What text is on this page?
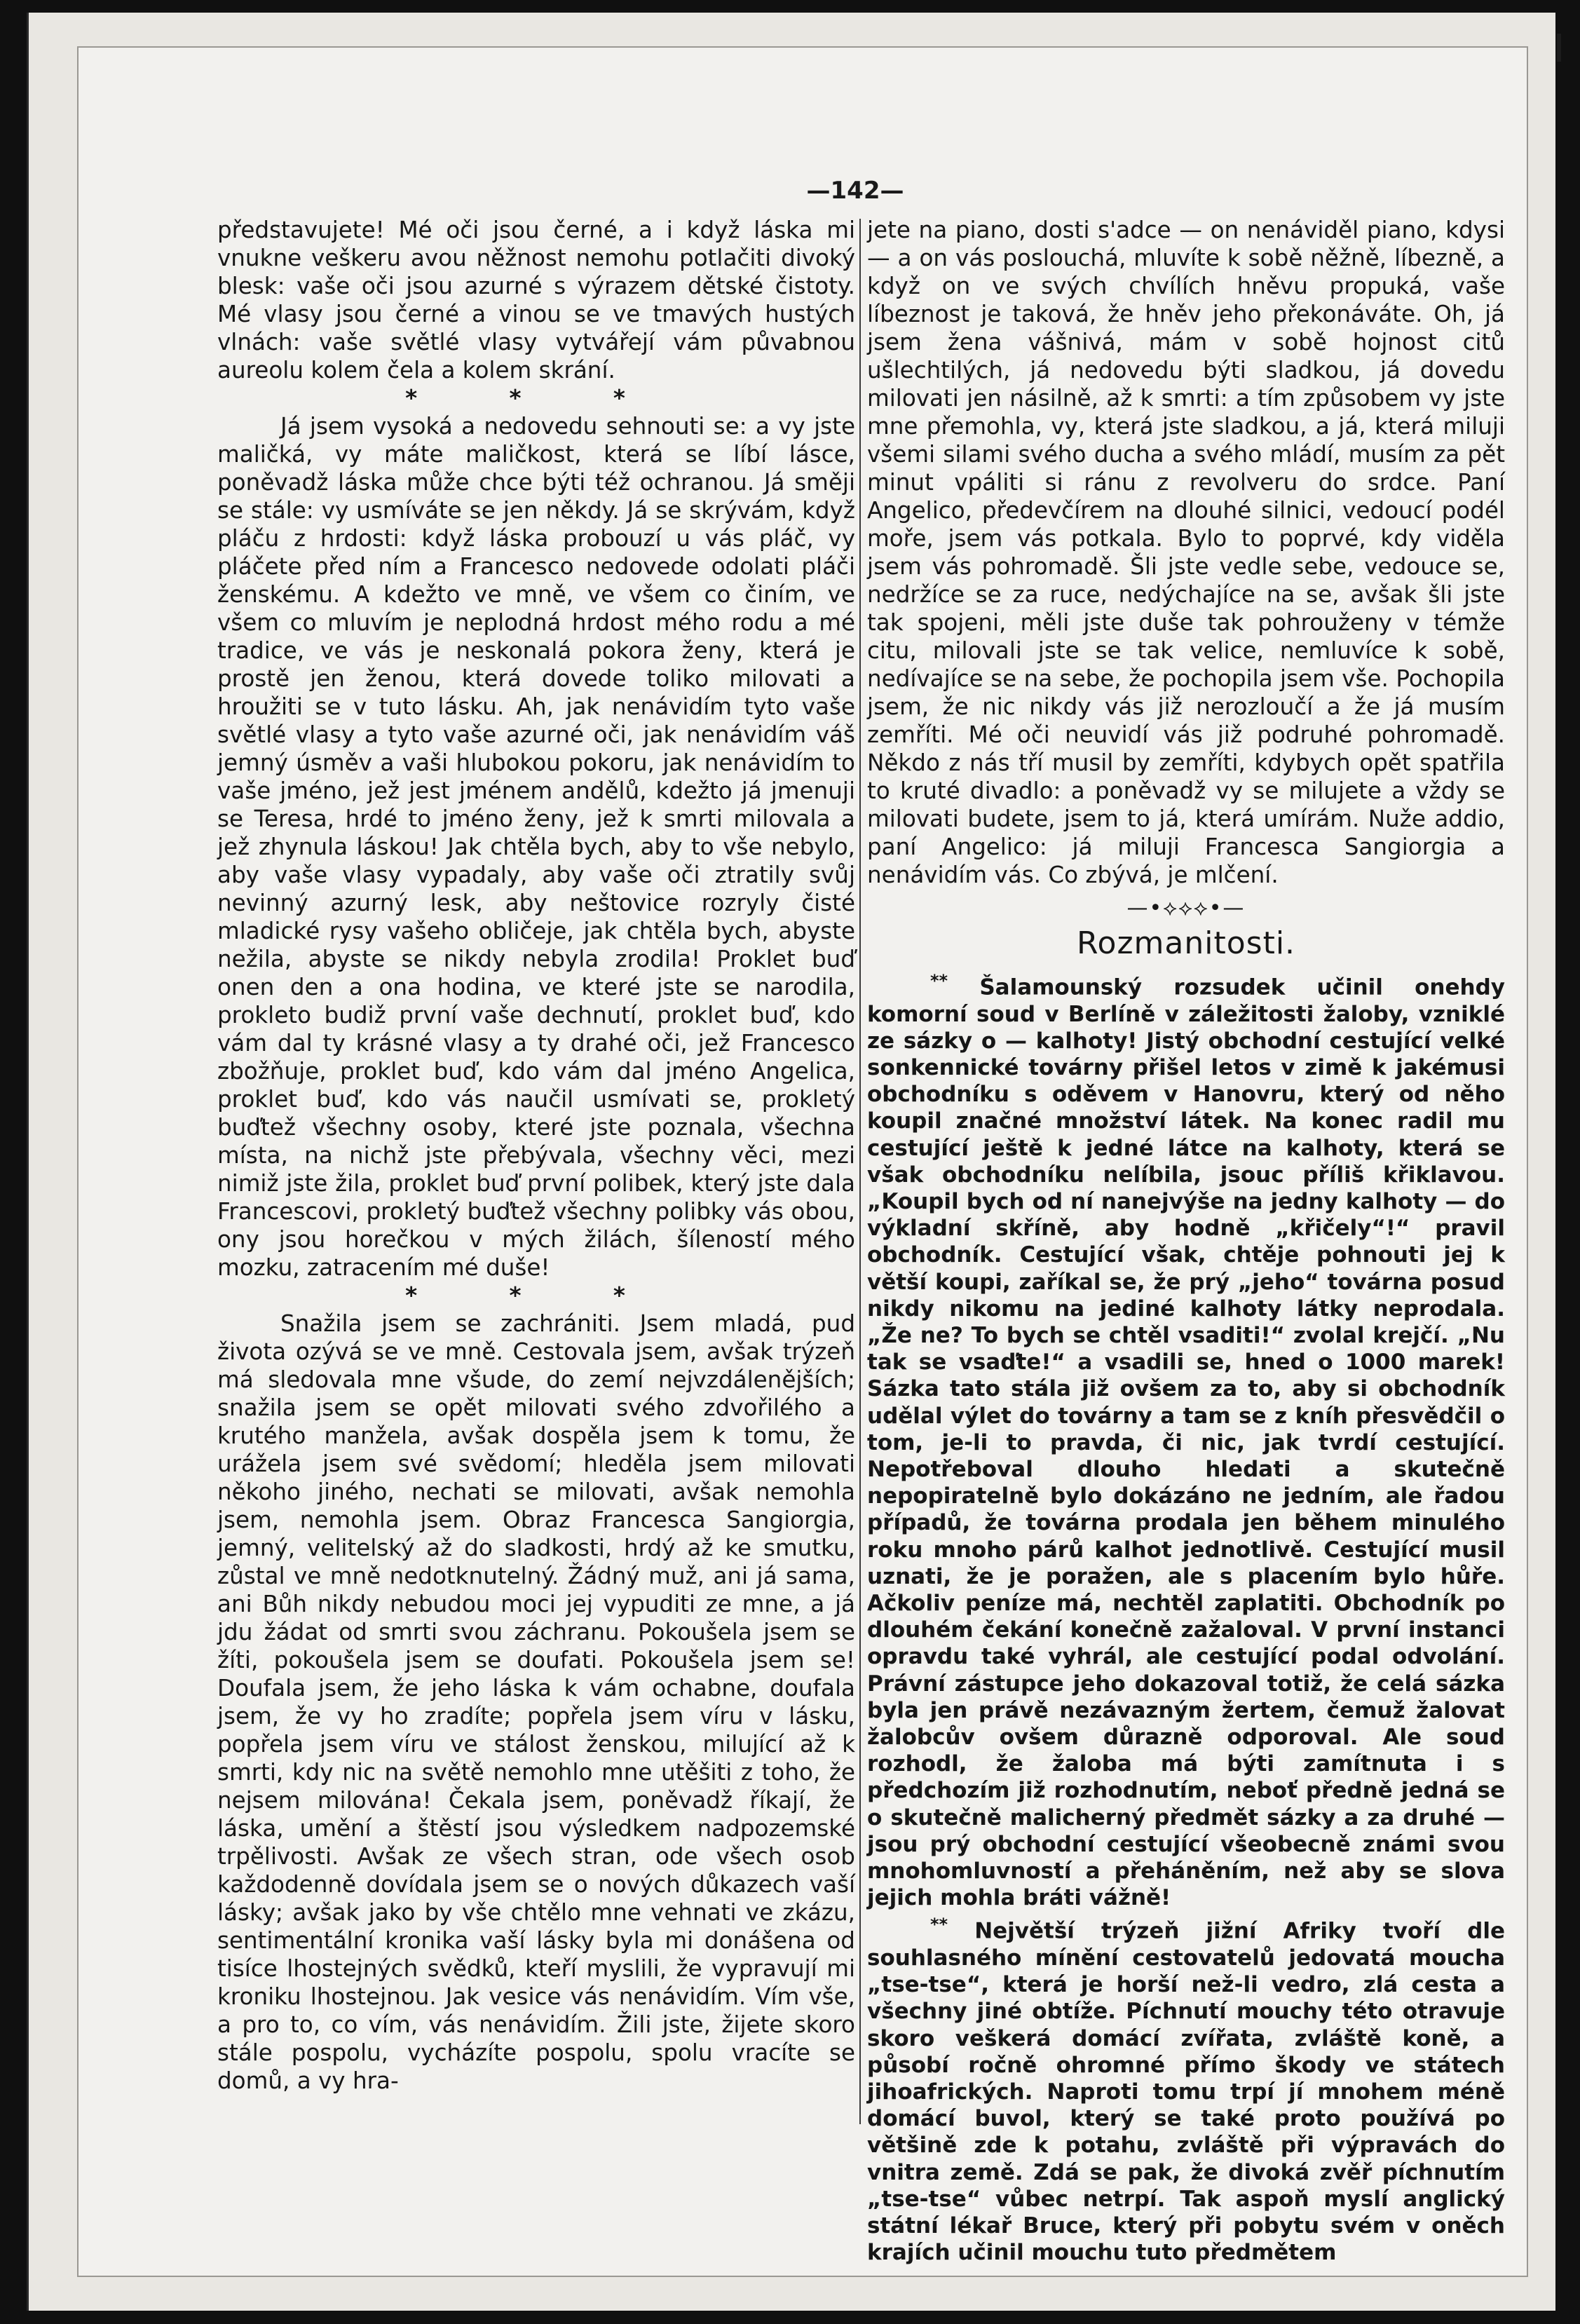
—142—

představujete! Mé oči jsou černé, a i když láska mi vnukne veškeru avou něžnost nemohu potlačiti divoký blesk: vaše oči jsou azurné s výrazem dětské čistoty. Mé vlasy jsou černé a vinou se ve tmavých hustých vlnách: vaše světlé vlasy vytvářejí vám půvabnou aureolu kolem čela a kolem skrání.

* * *

Já jsem vysoká a nedovedu sehnouti se: a vy jste maličká, vy máte maličkost, která se líbí lásce, poněvadž láska může chce býti též ochranou. Já směji se stále: vy usmíváte se jen někdy. Já se skrývám, když pláču z hrdosti: když láska probouzí u vás pláč, vy pláčete před ním a Francesco nedovede odolati pláči ženskému. A kdežto ve mně, ve všem co činím, ve všem co mluvím je neplodná hrdost mého rodu a mé tradice, ve vás je neskonalá pokora ženy, která je prostě jen ženou, která dovede toliko milovati a hroužiti se v tuto lásku. Ah, jak nenávidím tyto vaše světlé vlasy a tyto vaše azurné oči, jak nenávidím váš jemný úsměv a vaši hlubokou pokoru, jak nenávidím to vaše jméno, jež jest jménem andělů, kdežto já jmenuji se Teresa, hrdé to jméno ženy, jež k smrti milovala a jež zhynula láskou! Jak chtěla bych, aby to vše nebylo, aby vaše vlasy vypadaly, aby vaše oči ztratily svůj nevinný azurný lesk, aby neštovice rozryly čisté mladické rysy vašeho obličeje, jak chtěla bych, abyste nežila, abyste se nikdy nebyla zrodila! Proklet buď onen den a ona hodina, ve které jste se narodila, prokleto budiž první vaše dechnutí, proklet buď, kdo vám dal ty krásné vlasy a ty drahé oči, jež Francesco zbožňuje, proklet buď, kdo vám dal jméno Angelica, proklet buď, kdo vás naučil usmívati se, prokletý buďtež všechny osoby, které jste poznala, všechna místa, na nichž jste přebývala, všechny věci, mezi nimiž jste žila, proklet buď první polibek, který jste dala Francescovi, prokletý buďtež všechny polibky vás obou, ony jsou horečkou v mých žilách, šíleností mého mozku, zatracením mé duše!

* * *

Snažila jsem se zachrániti. Jsem mladá, pud života ozývá se ve mně. Cestovala jsem, avšak trýzeň má sledovala mne všude, do zemí nejvzdálenějších; snažila jsem se opět milovati svého zdvořilého a krutého manžela, avšak dospěla jsem k tomu, že urážela jsem své svědomí; hleděla jsem milovati někoho jiného, nechati se milovati, avšak nemohla jsem, nemohla jsem. Obraz Francesca Sangiorgia, jemný, velitelský až do sladkosti, hrdý až ke smutku, zůstal ve mně nedotknutelný. Žádný muž, ani já sama, ani Bůh nikdy nebudou moci jej vypuditi ze mne, a já jdu žádat od smrti svou záchranu. Pokoušela jsem se žíti, pokoušela jsem se doufati. Pokoušela jsem se! Doufala jsem, že jeho láska k vám ochabne, doufala jsem, že vy ho zradíte; popřela jsem víru v lásku, popřela jsem víru ve stálost ženskou, milující až k smrti, kdy nic na světě nemohlo mne utěšiti z toho, že nejsem milována! Čekala jsem, poněvadž říkají, že láska, umění a štěstí jsou výsledkem nadpozemské trpělivosti. Avšak ze všech stran, ode všech osob každodenně dovídala jsem se o nových důkazech vaší lásky; avšak jako by vše chtělo mne vehnati ve zkázu, sentimentální kronika vaší lásky byla mi donášena od tisíce lhostejných svědků, kteří myslili, že vypravují mi kroniku lhostejnou. Jak vesice vás nenávidím. Vím vše, a pro to, co vím, vás nenávidím. Žili jste, žijete skoro stále pospolu, vycházíte pospolu, spolu vracíte se domů, a vy hra-

jete na piano, dosti s'adce — on nenáviděl piano, kdysi — a on vás poslouchá, mluvíte k sobě něžně, líbezně, a když on ve svých chvílích hněvu propuká, vaše líbeznost je taková, že hněv jeho překonáváte. Oh, já jsem žena vášnivá, mám v sobě hojnost citů ušlechtilých, já nedovedu býti sladkou, já dovedu milovati jen násilně, až k smrti: a tím způsobem vy jste mne přemohla, vy, která jste sladkou, a já, která miluji všemi silami svého ducha a svého mládí, musím za pět minut vpáliti si ránu z revolveru do srdce. Paní Angelico, předevčírem na dlouhé silnici, vedoucí podél moře, jsem vás potkala. Bylo to poprvé, kdy viděla jsem vás pohromadě. Šli jste vedle sebe, vedouce se, nedržíce se za ruce, nedýchajíce na se, avšak šli jste tak spojeni, měli jste duše tak pohrouženy v témže citu, milovali jste se tak velice, nemluvíce k sobě, nedívajíce se na sebe, že pochopila jsem vše. Pochopila jsem, že nic nikdy vás již nerozloučí a že já musím zemříti. Mé oči neuvidí vás již podruhé pohromadě. Někdo z nás tří musil by zemříti, kdybych opět spatřila to kruté divadlo: a poněvadž vy se milujete a vždy se milovati budete, jsem to já, která umírám. Nuže addio, paní Angelico: já miluji Francesca Sangiorgia a nenávidím vás. Co zbývá, je mlčení.

—•⟡⟡⟡•—
Rozmanitosti.

** Šalamounský rozsudek učinil onehdy komorní soud v Berlíně v záležitosti žaloby, vzniklé ze sázky o — kalhoty! Jistý obchodní cestující velké sonkennické továrny přišel letos v zimě k jakémusi obchodníku s oděvem v Hanovru, který od něho koupil značné množství látek. Na konec radil mu cestující ještě k jedné látce na kalhoty, která se však obchodníku nelíbila, jsouc příliš křiklavou. „Koupil bych od ní nanejvýše na jedny kalhoty — do výkladní skříně, aby hodně „křičely“!“ pravil obchodník. Cestující však, chtěje pohnouti jej k větší koupi, zaříkal se, že prý „jeho“ továrna posud nikdy nikomu na jediné kalhoty látky neprodala. „Že ne? To bych se chtěl vsaditi!“ zvolal krejčí. „Nu tak se vsaďte!“ a vsadili se, hned o 1000 marek! Sázka tato stála již ovšem za to, aby si obchodník udělal výlet do továrny a tam se z kníh přesvědčil o tom, je-li to pravda, či nic, jak tvrdí cestující. Nepotřeboval dlouho hledati a skutečně nepopiratelně bylo dokázáno ne jedním, ale řadou případů, že továrna prodala jen během minulého roku mnoho párů kalhot jednotlivě. Cestující musil uznati, že je poražen, ale s placením bylo hůře. Ačkoliv peníze má, nechtěl zaplatiti. Obchodník po dlouhém čekání konečně zažaloval. V první instanci opravdu také vyhrál, ale cestující podal odvolání. Právní zástupce jeho dokazoval totiž, že celá sázka byla jen právě nezávazným žertem, čemuž žalovat žalobcův ovšem důrazně odporoval. Ale soud rozhodl, že žaloba má býti zamítnuta i s předchozím již rozhodnutím, neboť předně jedná se o skutečně malicherný předmět sázky a za druhé — jsou prý obchodní cestující všeobecně známi svou mnohomluvností a přeháněním, než aby se slova jejich mohla bráti vážně!

** Největší trýzeň jižní Afriky tvoří dle souhlasného mínění cestovatelů jedovatá moucha „tse-tse“, která je horší než-li vedro, zlá cesta a všechny jiné obtíže. Píchnutí mouchy této otravuje skoro veškerá domácí zvířata, zvláště koně, a působí ročně ohromné přímo škody ve státech jihoafrických. Naproti tomu trpí jí mnohem méně domácí buvol, který se také proto používá po většině zde k potahu, zvláště při výpravách do vnitra země. Zdá se pak, že divoká zvěř píchnutím „tse-tse“ vůbec netrpí. Tak aspoň myslí anglický státní lékař Bruce, který při pobytu svém v oněch krajích učinil mouchu tuto předmětem
